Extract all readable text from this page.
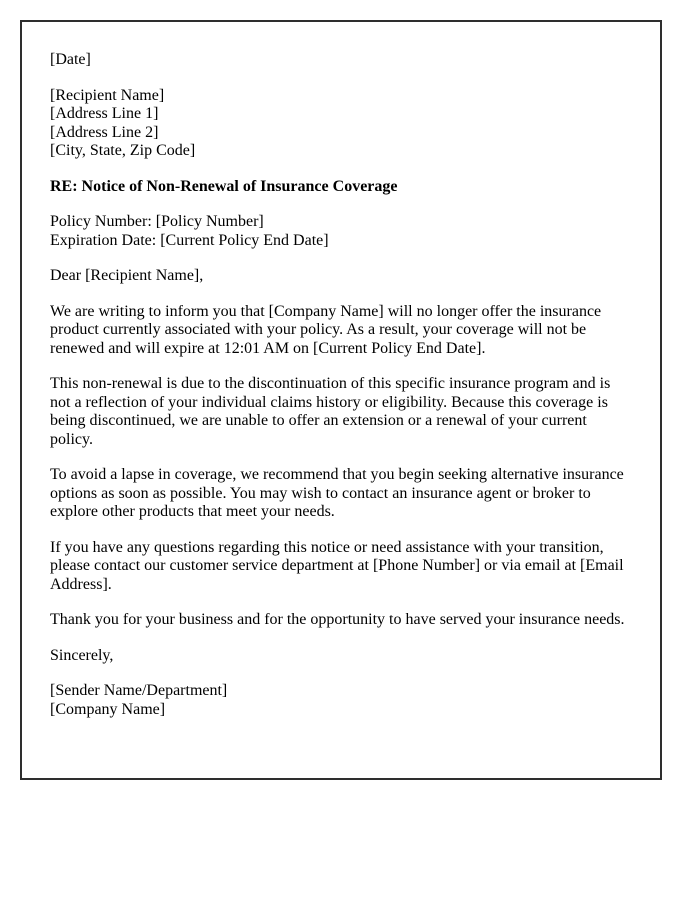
[Date]

[Recipient Name]
[Address Line 1]
[Address Line 2]
[City, State, Zip Code]

RE: Notice of Non-Renewal of Insurance Coverage

Policy Number: [Policy Number]
Expiration Date: [Current Policy End Date]

Dear [Recipient Name],

We are writing to inform you that [Company Name] will no longer offer the insurance product currently associated with your policy. As a result, your coverage will not be renewed and will expire at 12:01 AM on [Current Policy End Date].

This non-renewal is due to the discontinuation of this specific insurance program and is not a reflection of your individual claims history or eligibility. Because this coverage is being discontinued, we are unable to offer an extension or a renewal of your current policy.

To avoid a lapse in coverage, we recommend that you begin seeking alternative insurance options as soon as possible. You may wish to contact an insurance agent or broker to explore other products that meet your needs.

If you have any questions regarding this notice or need assistance with your transition, please contact our customer service department at [Phone Number] or via email at [Email Address].

Thank you for your business and for the opportunity to have served your insurance needs.

Sincerely,

[Sender Name/Department]
[Company Name]
